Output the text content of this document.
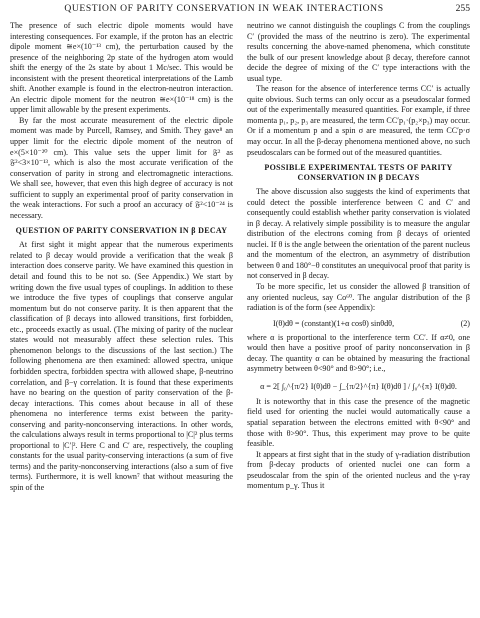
QUESTION OF PARITY CONSERVATION IN WEAK INTERACTIONS	255

The presence of such electric dipole moments would have interesting consequences. For example, if the proton has an electric dipole moment ≅e×(10⁻¹³ cm), the perturbation caused by the presence of the neighboring 2p state of the hydrogen atom would shift the energy of the 2s state by about 1 Mc/sec. This would be inconsistent with the present theoretical interpretations of the Lamb shift. Another example is found in the electron-neutron interaction. An electric dipole moment for the neutron ≅e×(10⁻¹⁸ cm) is the upper limit allowable by the present experiments.

By far the most accurate measurement of the electric dipole moment was made by Purcell, Ramsey, and Smith. They gave⁸ an upper limit for the electric dipole moment of the neutron of e×(5×10⁻²⁰ cm). This value sets the upper limit for 𝔉² as 𝔉²<3×10⁻¹³, which is also the most accurate verification of the conservation of parity in strong and electromagnetic interactions. We shall see, however, that even this high degree of accuracy is not sufficient to supply an experimental proof of parity conservation in the weak interactions. For such a proof an accuracy of 𝔉²<10⁻²⁴ is necessary.

QUESTION OF PARITY CONSERVATION IN β DECAY

At first sight it might appear that the numerous experiments related to β decay would provide a verification that the weak β interaction does conserve parity. We have examined this question in detail and found this to be not so. (See Appendix.) We start by writing down the five usual types of couplings. In addition to these we introduce the five types of couplings that conserve angular momentum but do not conserve parity. It is then apparent that the classification of β decays into allowed transitions, first forbidden, etc., proceeds exactly as usual. (The mixing of parity of the nuclear states would not measurably affect these selection rules. This phenomenon belongs to the discussions of the last section.) The following phenomena are then examined: allowed spectra, unique forbidden spectra, forbidden spectra with allowed shape, β-neutrino correlation, and β−γ correlation. It is found that these experiments have no bearing on the question of parity conservation of the β-decay interactions. This comes about because in all of these phenomena no interference terms exist between the parity-conserving and parity-nonconserving interactions. In other words, the calculations always result in terms proportional to |C|² plus terms proportional to |C′|². Here C and C′ are, respectively, the coupling constants for the usual parity-conserving interactions (a sum of five terms) and the parity-nonconserving interactions (also a sum of five terms). Furthermore, it is well known⁷ that without measuring the spin of the

neutrino we cannot distinguish the couplings C from the couplings C′ (provided the mass of the neutrino is zero). The experimental results concerning the above-named phenomena, which constitute the bulk of our present knowledge about β decay, therefore cannot decide the degree of mixing of the C′ type interactions with the usual type.

The reason for the absence of interference terms CC′ is actually quite obvious. Such terms can only occur as a pseudoscalar formed out of the experimentally measured quantities. For example, if three momenta p₁, p₂, p₃ are measured, the term CC′p₁·(p₂×p₃) may occur. Or if a momentum p and a spin σ are measured, the term CC′p·σ may occur. In all the β-decay phenomena mentioned above, no such pseudoscalars can be formed out of the measured quantities.

POSSIBLE EXPERIMENTAL TESTS OF PARITY CONSERVATION IN β DECAYS

The above discussion also suggests the kind of experiments that could detect the possible interference between C and C′ and consequently could establish whether parity conservation is violated in β decay. A relatively simple possibility is to measure the angular distribution of the electrons coming from β decays of oriented nuclei. If θ is the angle between the orientation of the parent nucleus and the momentum of the electron, an asymmetry of distribution between θ and 180°−θ constitutes an unequivocal proof that parity is not conserved in β decay.

To be more specific, let us consider the allowed β transition of any oriented nucleus, say Co⁶⁰. The angular distribution of the β radiation is of the form (see Appendix):

I(θ)dθ = (constant)(1+α cosθ) sinθdθ,	(2)

where α is proportional to the interference term CC′. If α≠0, one would then have a positive proof of parity nonconservation in β decay. The quantity α can be obtained by measuring the fractional asymmetry between θ<90° and θ>90°; i.e.,

α = 2[ ∫₀^{π/2} I(θ)dθ − ∫_{π/2}^{π} I(θ)dθ ] / ∫₀^{π} I(θ)dθ.

It is noteworthy that in this case the presence of the magnetic field used for orienting the nuclei would automatically cause a spatial separation between the electrons emitted with θ<90° and those with θ>90°. Thus, this experiment may prove to be quite feasible.

It appears at first sight that in the study of γ-radiation distribution from β-decay products of oriented nuclei one can form a pseudoscalar from the spin of the oriented nucleus and the γ-ray momentum p_γ. Thus it
